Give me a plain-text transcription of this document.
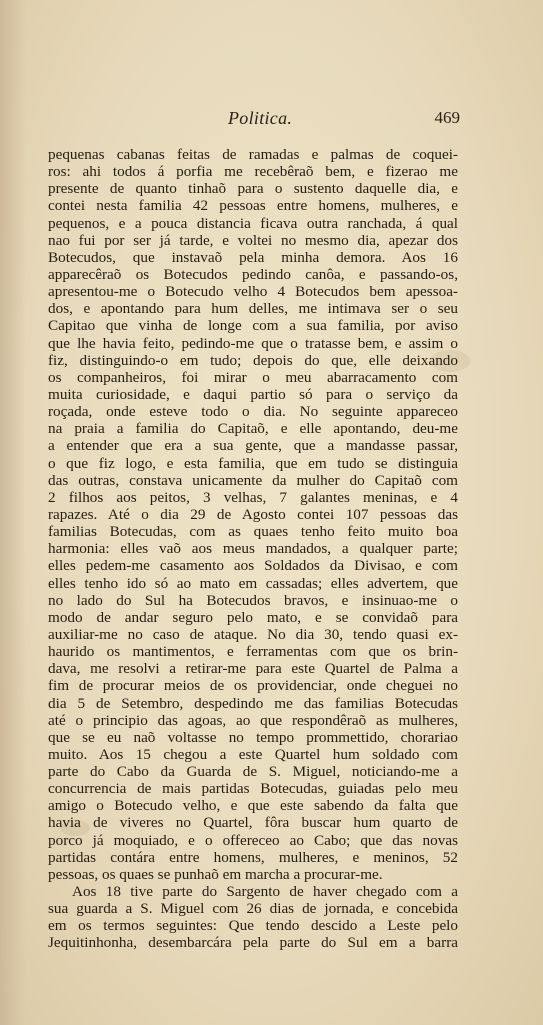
Politica.	469
pequenas cabanas feitas de ramadas e palmas de coquei-
ros: ahi todos á porfia me recebêraõ bem, e fizerao me
presente de quanto tinhaõ para o sustento daquelle dia, e
contei nesta familia 42 pessoas entre homens, mulheres, e
pequenos, e a pouca distancia ficava outra ranchada, á qual
nao fui por ser já tarde, e voltei no mesmo dia, apezar dos
Botecudos, que instavaõ pela minha demora. Aos 16
apparecêraõ os Botecudos pedindo canôa, e passando-os,
apresentou-me o Botecudo velho 4 Botecudos bem apessoa-
dos, e apontando para hum delles, me intimava ser o seu
Capitao que vinha de longe com a sua familia, por aviso
que lhe havia feito, pedindo-me que o tratasse bem, e assim o
fiz, distinguindo-o em tudo; depois do que, elle deixando
os companheiros, foi mirar o meu abarracamento com
muita curiosidade, e daqui partio só para o serviço da
roçada, onde esteve todo o dia. No seguinte appareceo
na praia a familia do Capitaõ, e elle apontando, deu-me
a entender que era a sua gente, que a mandasse passar,
o que fiz logo, e esta familia, que em tudo se distinguia
das outras, constava unicamente da mulher do Capitaõ com
2 filhos aos peitos, 3 velhas, 7 galantes meninas, e 4
rapazes. Até o dia 29 de Agosto contei 107 pessoas das
familias Botecudas, com as quaes tenho feito muito boa
harmonia: elles vaõ aos meus mandados, a qualquer parte;
elles pedem-me casamento aos Soldados da Divisao, e com
elles tenho ido só ao mato em cassadas; elles advertem, que
no lado do Sul ha Botecudos bravos, e insinuao-me o
modo de andar seguro pelo mato, e se convidaõ para
auxiliar-me no caso de ataque. No dia 30, tendo quasi ex-
haurido os mantimentos, e ferramentas com que os brin-
dava, me resolvi a retirar-me para este Quartel de Palma a
fim de procurar meios de os providenciar, onde cheguei no
dia 5 de Setembro, despedindo me das familias Botecudas
até o principio das agoas, ao que respondêraõ as mulheres,
que se eu naõ voltasse no tempo prommettido, chorariao
muito. Aos 15 chegou a este Quartel hum soldado com
parte do Cabo da Guarda de S. Miguel, noticiando-me a
concurrencia de mais partidas Botecudas, guiadas pelo meu
amigo o Botecudo velho, e que este sabendo da falta que
havia de viveres no Quartel, fôra buscar hum quarto de
porco já moquiado, e o offereceo ao Cabo; que das novas
partidas contára entre homens, mulheres, e meninos, 52
pessoas, os quaes se punhaõ em marcha a procurar-me.
Aos 18 tive parte do Sargento de haver chegado com a
sua guarda a S. Miguel com 26 dias de jornada, e concebida
em os termos seguintes: Que tendo descido a Leste pelo
Jequitinhonha, desembarcára pela parte do Sul em a barra
